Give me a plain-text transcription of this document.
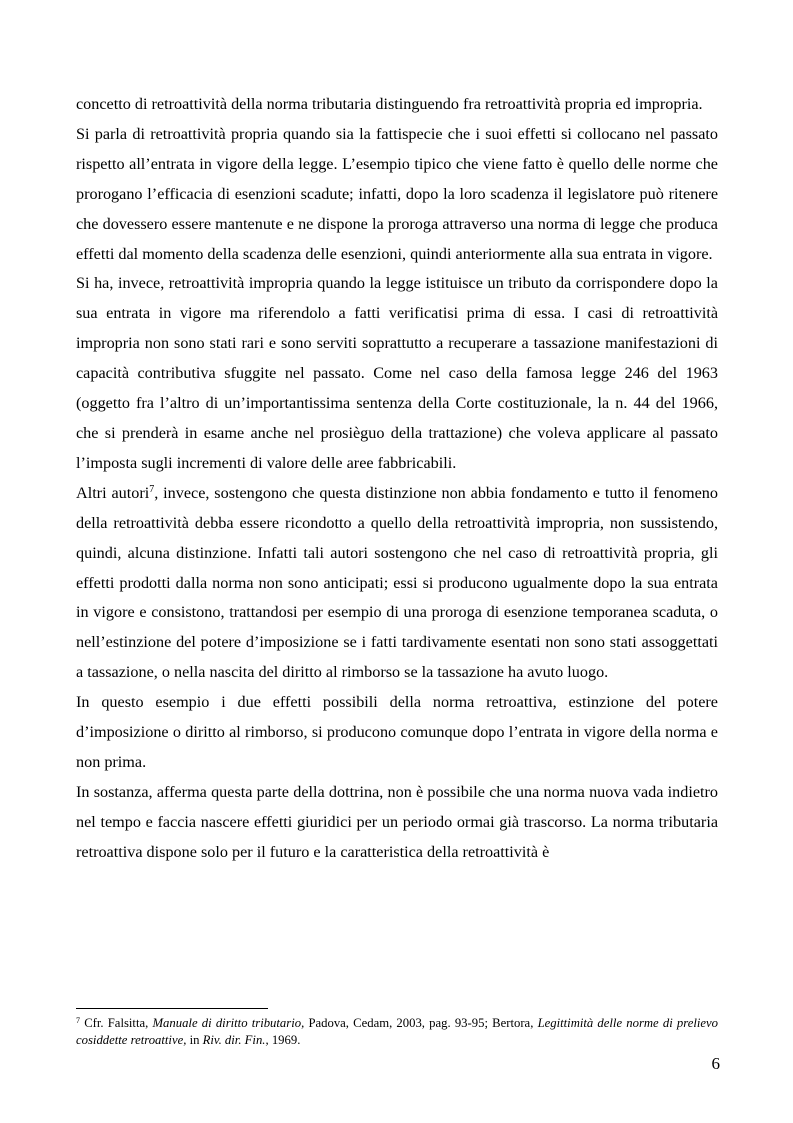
concetto di retroattività della norma tributaria distinguendo fra retroattività propria ed impropria.

Si parla di retroattività propria quando sia la fattispecie che i suoi effetti si collocano nel passato rispetto all’entrata in vigore della legge. L’esempio tipico che viene fatto è quello delle norme che prorogano l’efficacia di esenzioni scadute; infatti, dopo la loro scadenza il legislatore può ritenere che dovessero essere mantenute e ne dispone la proroga attraverso una norma di legge che produca effetti dal momento della scadenza delle esenzioni, quindi anteriormente alla sua entrata in vigore.

Si ha, invece, retroattività impropria quando la legge istituisce un tributo da corrispondere dopo la sua entrata in vigore ma riferendolo a fatti verificatisi prima di essa. I casi di retroattività impropria non sono stati rari e sono serviti soprattutto a recuperare a tassazione manifestazioni di capacità contributiva sfuggite nel passato. Come nel caso della famosa legge 246 del 1963 (oggetto fra l’altro di un’importantissima sentenza della Corte costituzionale, la n. 44 del 1966, che si prenderà in esame anche nel prosièguo della trattazione) che voleva applicare al passato l’imposta sugli incrementi di valore delle aree fabbricabili.

Altri autori$^7$, invece, sostengono che questa distinzione non abbia fondamento e tutto il fenomeno della retroattività debba essere ricondotto a quello della retroattività impropria, non sussistendo, quindi, alcuna distinzione. Infatti tali autori sostengono che nel caso di retroattività propria, gli effetti prodotti dalla norma non sono anticipati; essi si producono ugualmente dopo la sua entrata in vigore e consistono, trattandosi per esempio di una proroga di esenzione temporanea scaduta, o nell’estinzione del potere d’imposizione se i fatti tardivamente esentati non sono stati assoggettati a tassazione, o nella nascita del diritto al rimborso se la tassazione ha avuto luogo.

In questo esempio i due effetti possibili della norma retroattiva, estinzione del potere d’imposizione o diritto al rimborso, si producono comunque dopo l’entrata in vigore della norma e non prima.

In sostanza, afferma questa parte della dottrina, non è possibile che una norma nuova vada indietro nel tempo e faccia nascere effetti giuridici per un periodo ormai già trascorso. La norma tributaria retroattiva dispone solo per il futuro e la caratteristica della retroattività è

$^7$ Cfr. Falsitta, Manuale di diritto tributario, Padova, Cedam, 2003, pag. 93-95; Bertora, Legittimità delle norme di prelievo cosiddette retroattive, in Riv. dir. Fin., 1969.
6
